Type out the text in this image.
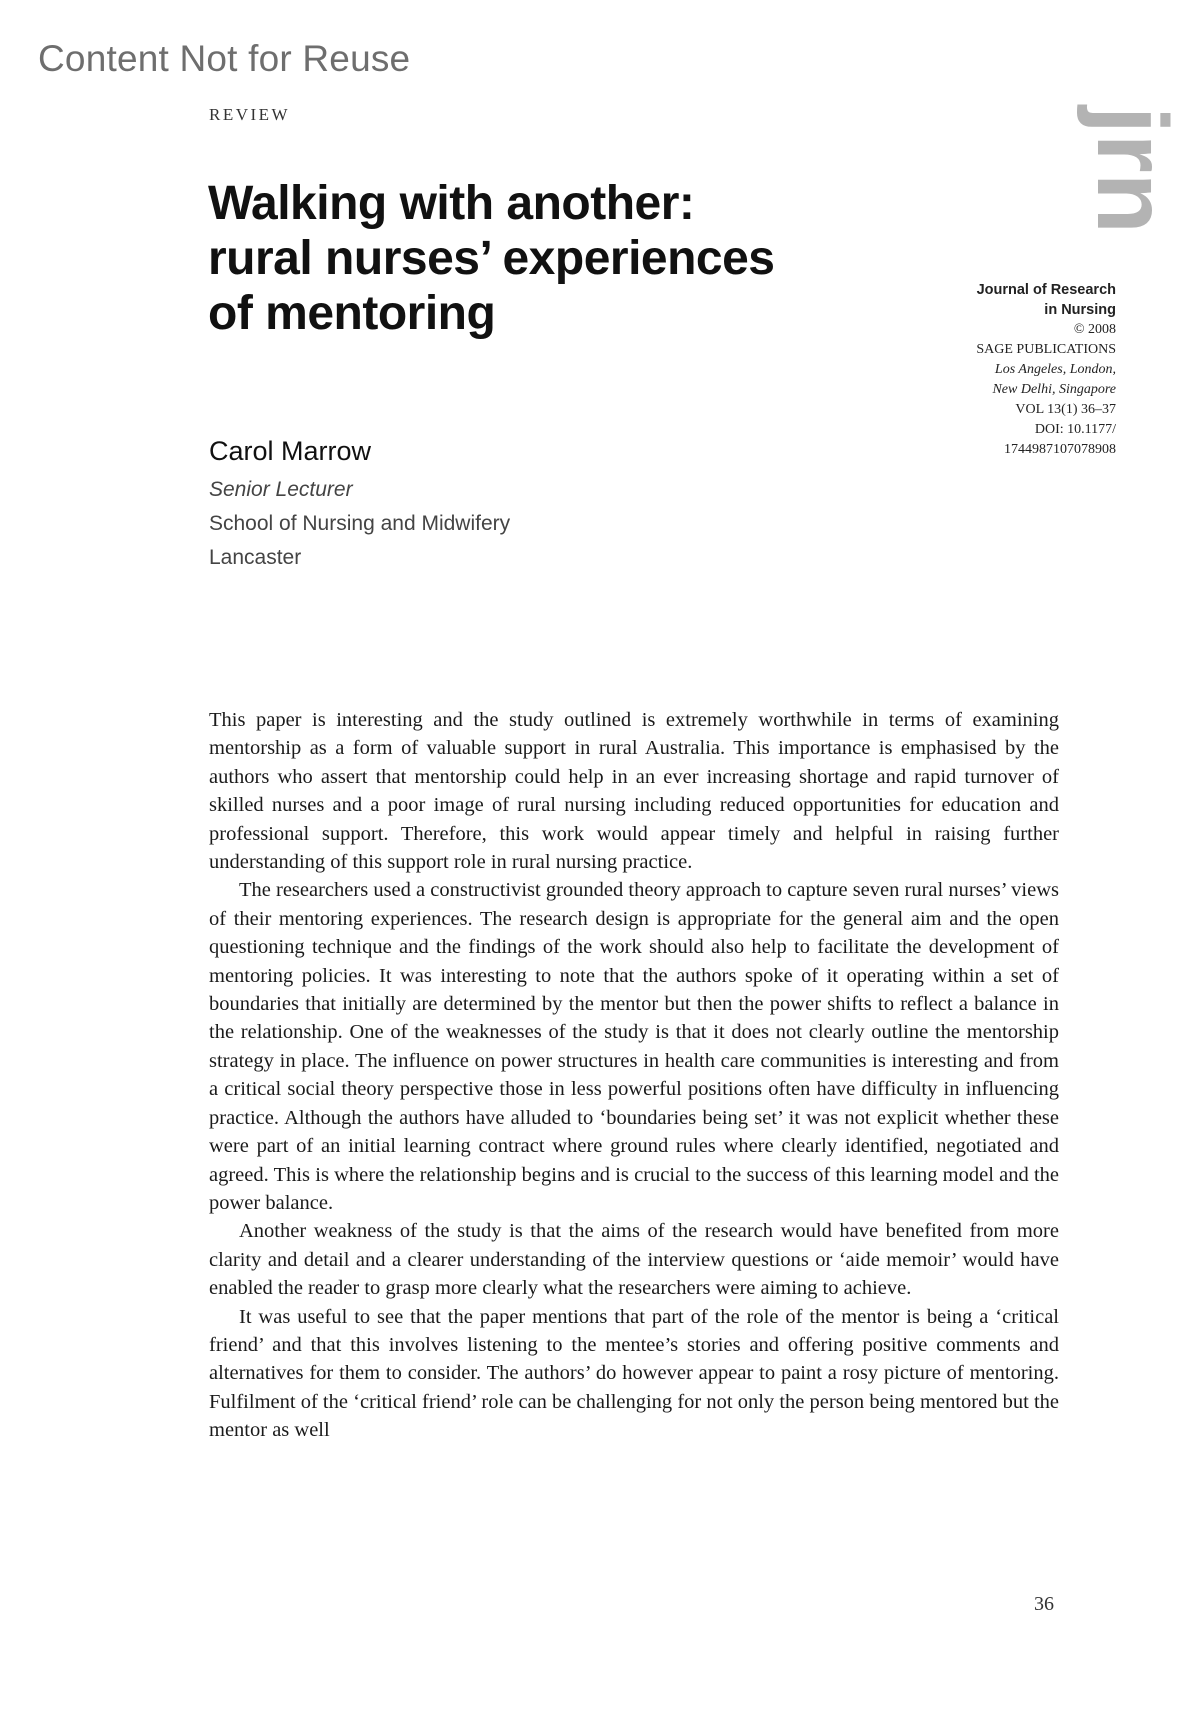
Content Not for Reuse
REVIEW
Walking with another:
rural nurses’ experiences
of mentoring
jrn
Journal of Research
in Nursing
© 2008
SAGE PUBLICATIONS
Los Angeles, London,
New Delhi, Singapore
VOL 13(1) 36–37
DOI: 10.1177/
1744987107078908
Carol Marrow
Senior Lecturer
School of Nursing and Midwifery
Lancaster

This paper is interesting and the study outlined is extremely worthwhile in terms of examining mentorship as a form of valuable support in rural Australia. This importance is emphasised by the authors who assert that mentorship could help in an ever increasing shortage and rapid turnover of skilled nurses and a poor image of rural nursing including reduced opportunities for education and professional support. Therefore, this work would appear timely and helpful in raising further understanding of this support role in rural nursing practice.

The researchers used a constructivist grounded theory approach to capture seven rural nurses’ views of their mentoring experiences. The research design is appropriate for the general aim and the open questioning technique and the findings of the work should also help to facilitate the development of mentoring policies. It was interesting to note that the authors spoke of it operating within a set of boundaries that initially are determined by the mentor but then the power shifts to reflect a balance in the relationship. One of the weaknesses of the study is that it does not clearly outline the mentorship strategy in place. The influence on power structures in health care communities is interesting and from a critical social theory perspective those in less powerful positions often have difficulty in influencing practice. Although the authors have alluded to ‘boundaries being set’ it was not explicit whether these were part of an initial learning contract where ground rules where clearly identified, negotiated and agreed. This is where the relationship begins and is crucial to the success of this learning model and the power balance.

Another weakness of the study is that the aims of the research would have benefited from more clarity and detail and a clearer understanding of the interview questions or ‘aide memoir’ would have enabled the reader to grasp more clearly what the researchers were aiming to achieve.

It was useful to see that the paper mentions that part of the role of the mentor is being a ‘critical friend’ and that this involves listening to the mentee’s stories and offering positive comments and alternatives for them to consider. The authors’ do however appear to paint a rosy picture of mentoring. Fulfilment of the ‘critical friend’ role can be challenging for not only the person being mentored but the mentor as well

36
